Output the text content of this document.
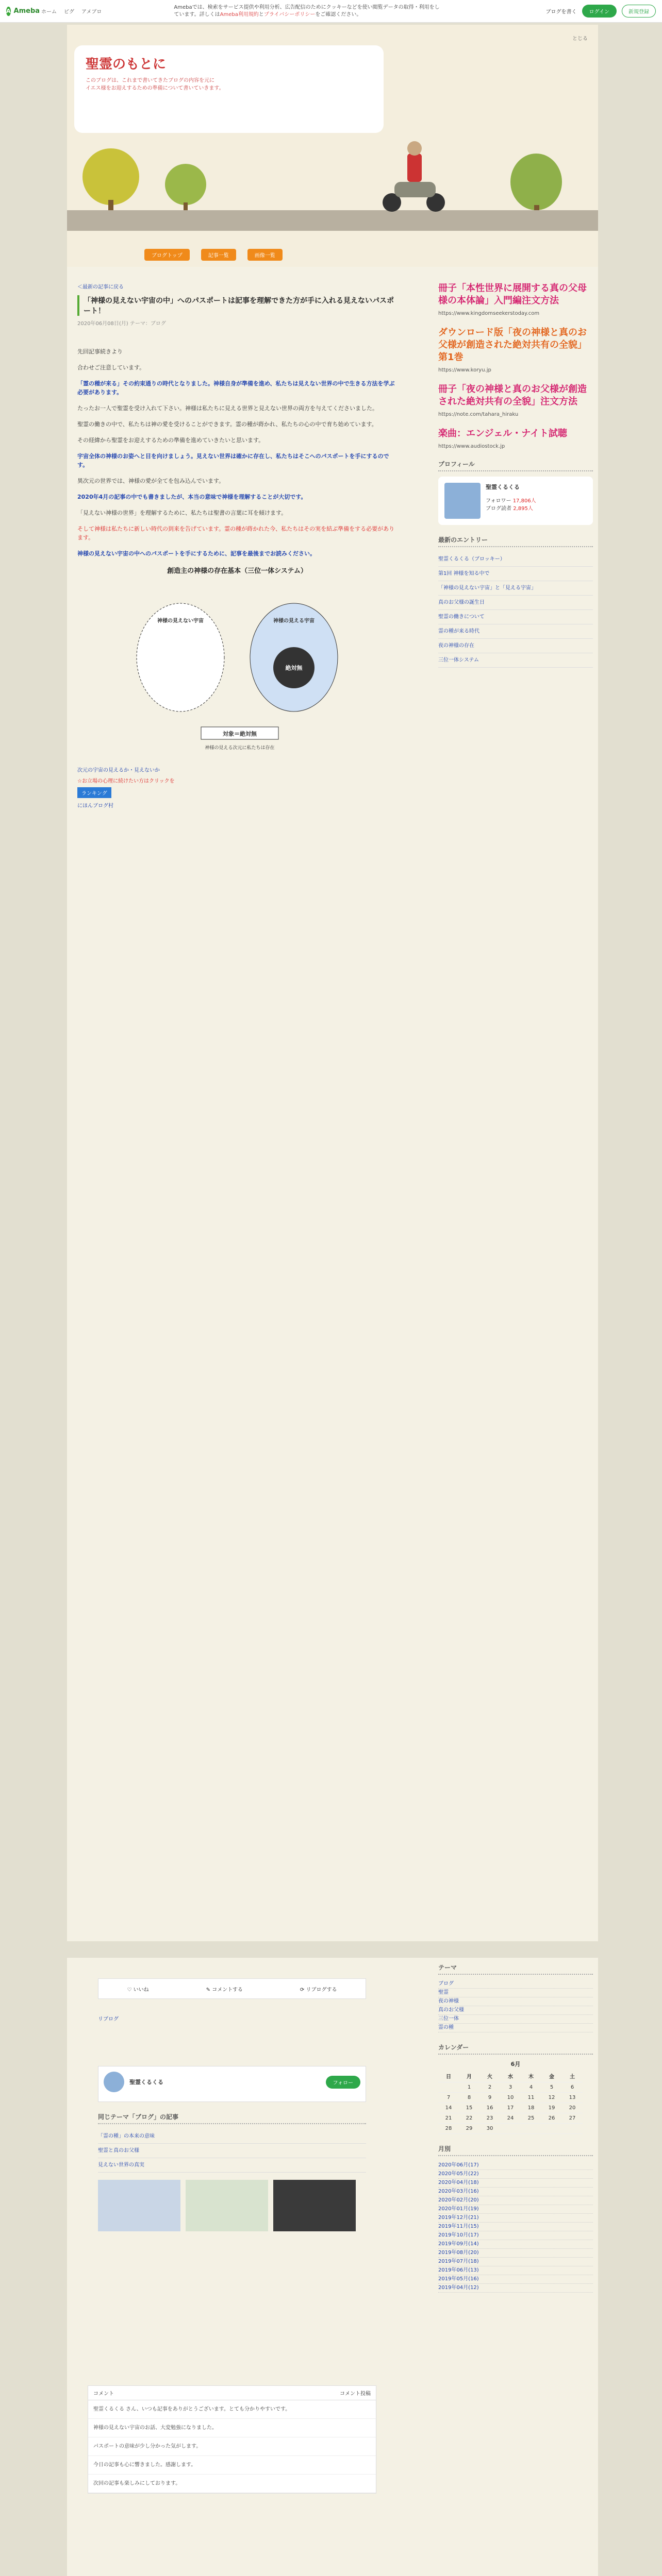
A Ameba ホーム ピグ アメブロ
Amebaでは、検索をサービス提供や利用分析、広告配信のためにクッキーなどを使い閲覧データの取得・利用をしています。詳しくはAmeba利用規約とプライバシーポリシーをご確認ください。	ブログを書く	ログイン	新規登録
聖霊のもとに

このブログは、これまで書いてきたブログの内容を元に

イエス様をお迎えするための準備について書いていきます。

とじる
ブログトップ	記事一覧	画像一覧
＜最新の記事に戻る
「神様の見えない宇宙の中」へのパスポートは記事を理解できた方が手に入れる見えないパスポート！
2020年06月08日(月) テーマ：ブログ

先回記事続きより

合わせご注意しています。

「霊の種が来る」その約束通りの時代となりました。神様自身が準備を進め、私たちは見えない世界の中で生きる方法を学ぶ必要があります。

たったお一人で聖霊を受け入れて下さい。神様は私たちに見える世界と見えない世界の両方を与えてくださいました。

聖霊の働きの中で、私たちは神の愛を受けることができます。霊の種が蒔かれ、私たちの心の中で育ち始めています。

その経緯から聖霊をお迎えするための準備を進めていきたいと思います。

宇宙全体の神様のお姿へと目を向けましょう。見えない世界は確かに存在し、私たちはそこへのパスポートを手にするのです。

異次元の世界では、神様の愛が全てを包み込んでいます。

2020年4月の記事の中でも書きましたが、本当の意味で神様を理解することが大切です。

「見えない神様の世界」を理解するために、私たちは聖書の言葉に耳を傾けます。

そして神様は私たちに新しい時代の到来を告げています。霊の種が蒔かれた今、私たちはその実を結ぶ準備をする必要があります。

神様の見えない宇宙の中へのパスポートを手にするために、記事を最後までお読みください。

創造主の神様の存在基本（三位一体システム）
神様の見えない宇宙	神様の見える宇宙
絶対無
対象＝絶対無
神様の見える次元に私たちは存在

次元の宇宙の見えるか・見えないか

☆お立場の心理に続けたい方はクリックを

ランキング

にほんブログ村

冊子「本性世界に展開する真の父母様の本体論」入門編注文方法
https://www.kingdomseekerstoday.com
ダウンロード版「夜の神様と真のお父様が創造された絶対共有の全貌」第1巻
https://www.koryu.jp
冊子「夜の神様と真のお父様が創造された絶対共有の全貌」注文方法
https://note.com/tahara_hiraku
楽曲：エンジェル・ナイト試聴
https://www.audiostock.jp
プロフィール
聖霊くるくる
フォロワー 17,806人
ブログ読者 2,895人
最新のエントリー
聖霊くるくる（ブロッキー）
第1回 神様を知る中で
「神様の見えない宇宙」と「見える宇宙」
真のお父様の誕生日
聖霊の働きについて
霊の種が来る時代
夜の神様の存在
三位一体システム
♡ いいね	✎ コメントする	⟳ リブログする
リブログ
聖霊くるくる	フォロー
同じテーマ「ブログ」の記事
「霊の種」の本来の意味
聖霊と真のお父様
見えない世界の真実
コメント	コメント投稿
聖霊くるくる さん、いつも記事をありがとうございます。とても分かりやすいです。
神様の見えない宇宙のお話、大変勉強になりました。
パスポートの意味が少し分かった気がします。
今日の記事も心に響きました。感謝します。
次回の記事も楽しみにしております。
テーマ
ブログ
聖霊
夜の神様
真のお父様
三位一体
霊の種
カレンダー
6月
日	月	火	水	木	金	土
	1	2	3	4	5	6
7	8	9	10	11	12	13
14	15	16	17	18	19	20
21	22	23	24	25	26	27
28	29	30				
月別
2020年06月(17)
2020年05月(22)
2020年04月(18)
2020年03月(16)
2020年02月(20)
2020年01月(19)
2019年12月(21)
2019年11月(15)
2019年10月(17)
2019年09月(14)
2019年08月(20)
2019年07月(18)
2019年06月(13)
2019年05月(16)
2019年04月(12)
